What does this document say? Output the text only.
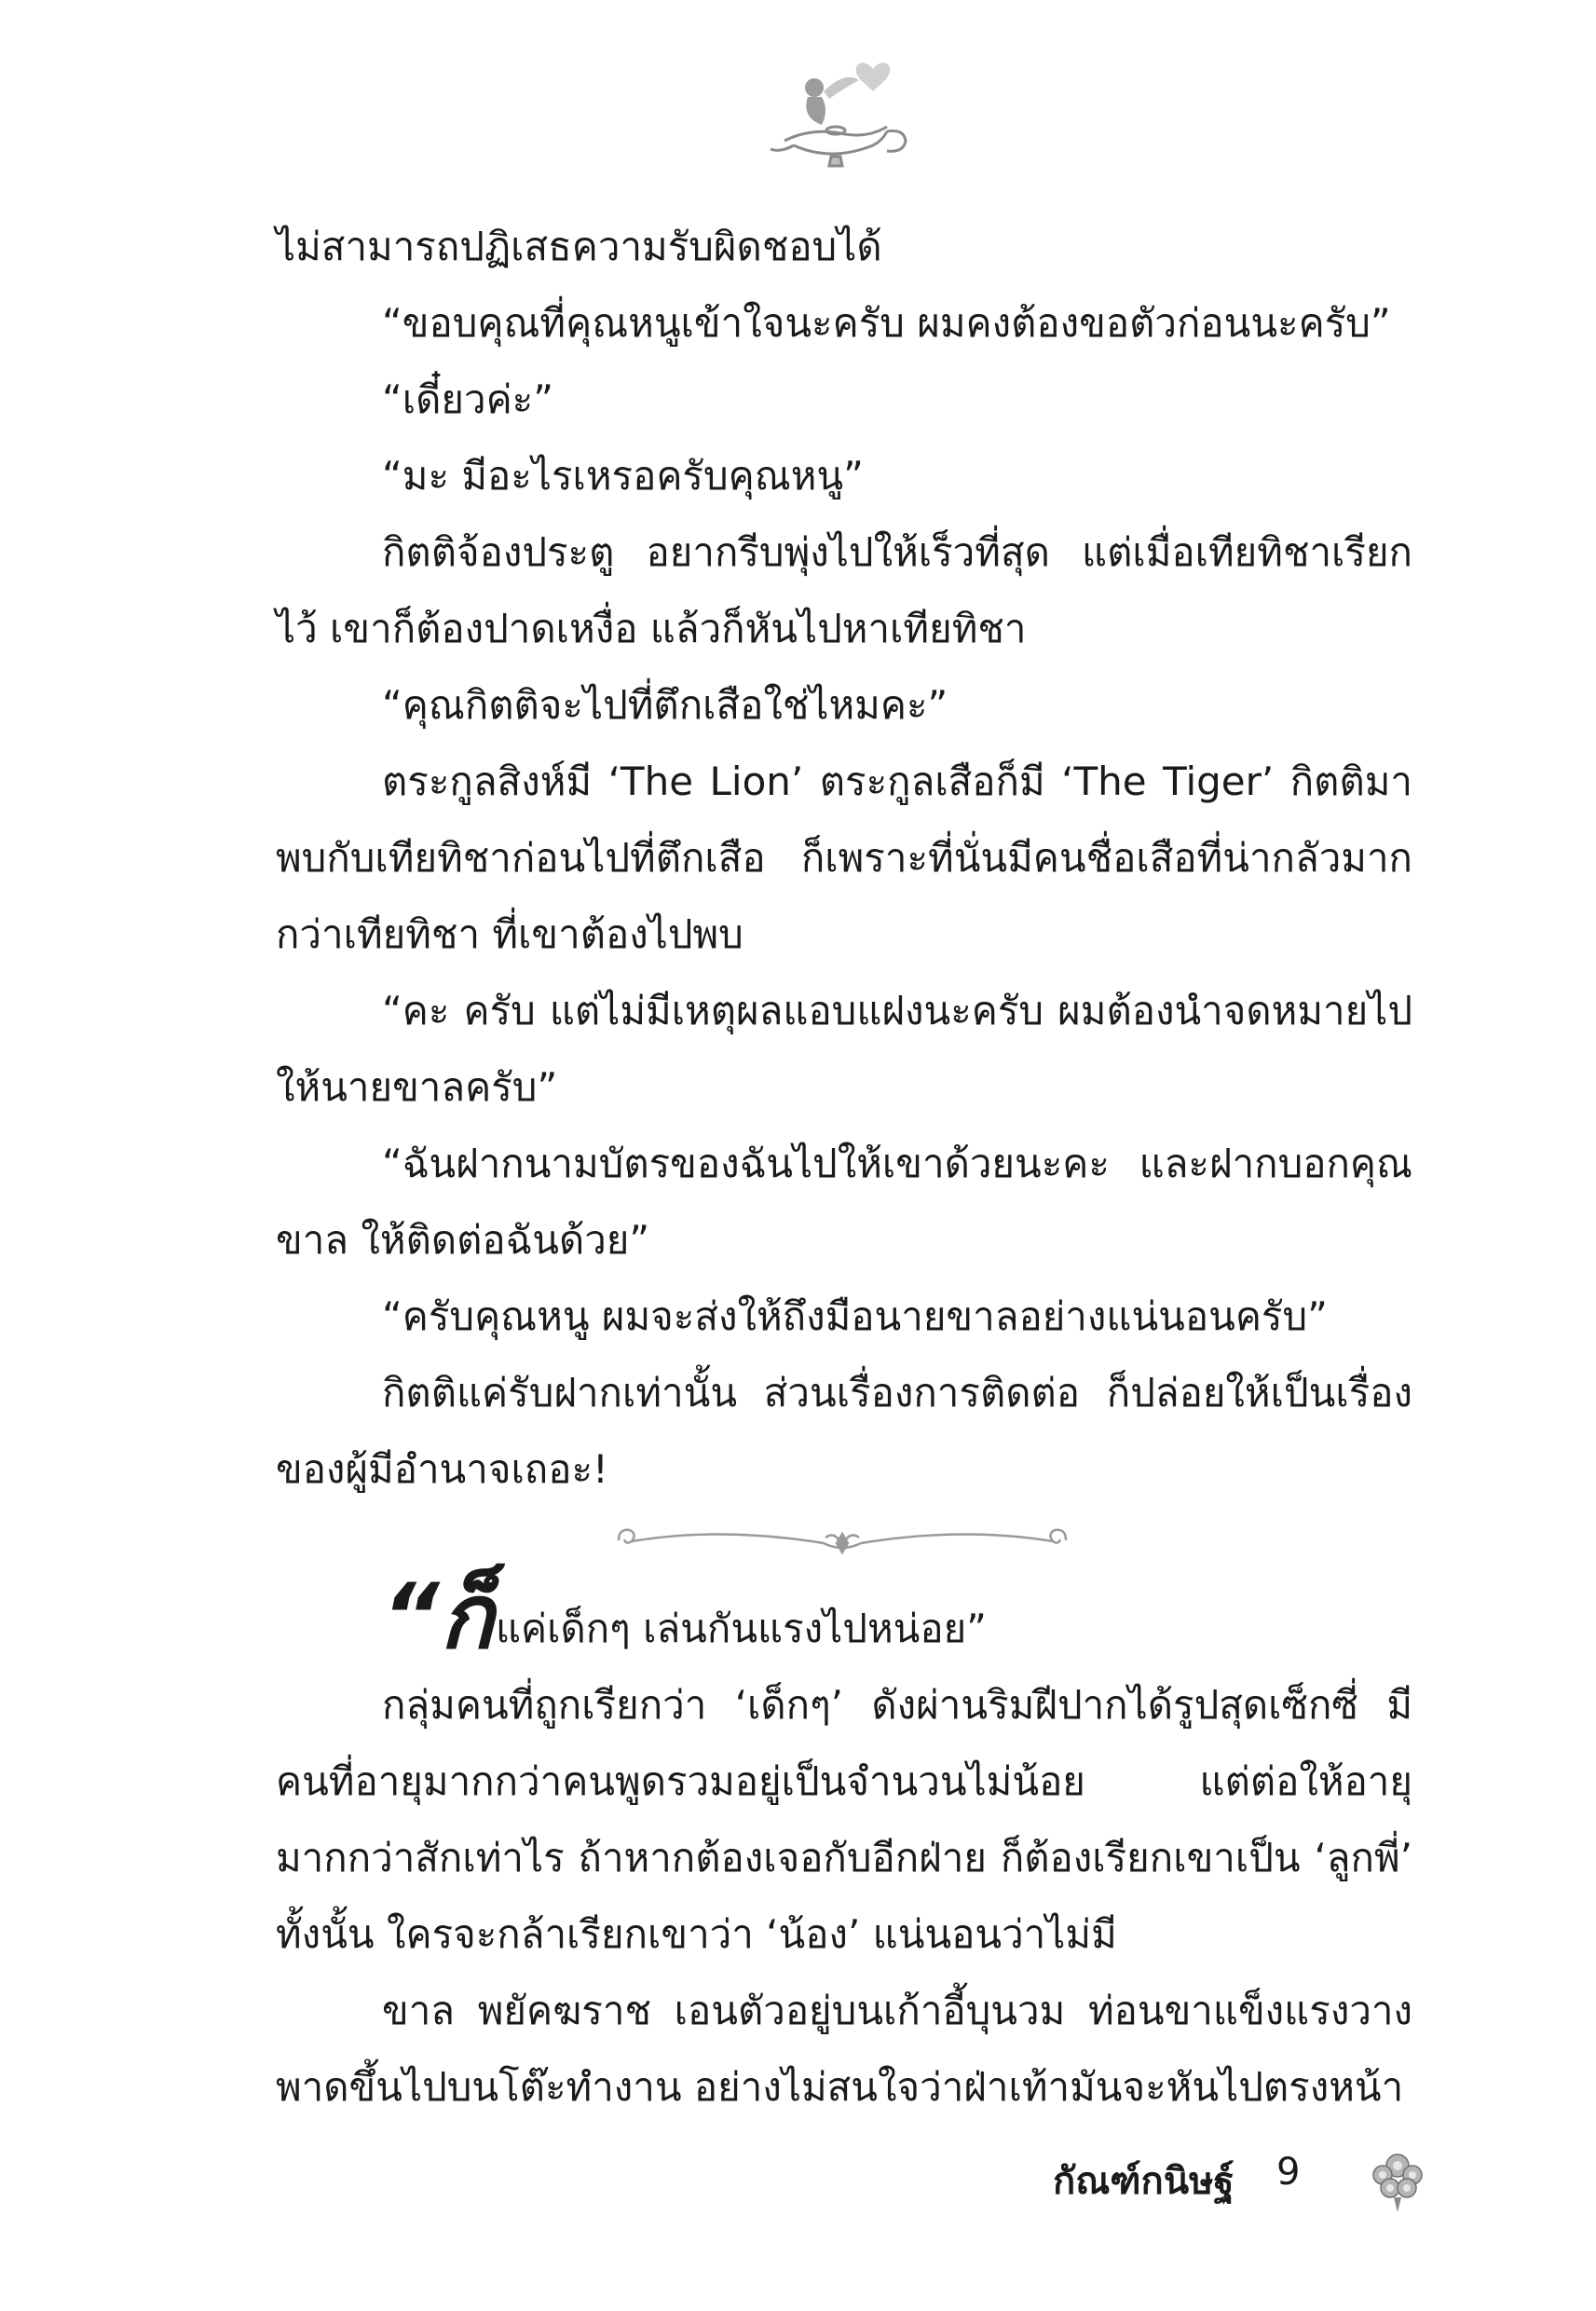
ไม่สามารถปฏิเสธความรับผิดชอบได้

“ขอบคุณที่คุณหนูเข้าใจนะครับ ผมคงต้องขอตัวก่อนนะครับ”

“เดี๋ยวค่ะ”

“มะ มีอะไรเหรอครับคุณหนู”

กิตติจ้องประตู อยากรีบพุ่งไปให้เร็วที่สุด แต่เมื่อเทียทิชาเรียกไว้ เขาก็ต้องปาดเหงื่อ แล้วก็หันไปหาเทียทิชา

“คุณกิตติจะไปที่ตึกเสือใช่ไหมคะ”

ตระกูลสิงห์มี ‘The Lion’ ตระกูลเสือก็มี ‘The Tiger’ กิตติมาพบกับเทียทิชาก่อนไปที่ตึกเสือ ก็เพราะที่นั่นมีคนชื่อเสือที่น่ากลัวมากกว่าเทียทิชา ที่เขาต้องไปพบ

“คะ ครับ แต่ไม่มีเหตุผลแอบแฝงนะครับ ผมต้องนำจดหมายไปให้นายขาลครับ”

“ฉันฝากนามบัตรของฉันไปให้เขาด้วยนะคะ และฝากบอกคุณขาล ให้ติดต่อฉันด้วย”

“ครับคุณหนู ผมจะส่งให้ถึงมือนายขาลอย่างแน่นอนครับ”

กิตติแค่รับฝากเท่านั้น ส่วนเรื่องการติดต่อ ก็ปล่อยให้เป็นเรื่องของผู้มีอำนาจเถอะ!

“ก็แค่เด็กๆ เล่นกันแรงไปหน่อย”

กลุ่มคนที่ถูกเรียกว่า ‘เด็กๆ’ ดังผ่านริมฝีปากได้รูปสุดเซ็กซี่ มีคนที่อายุมากกว่าคนพูดรวมอยู่เป็นจำนวนไม่น้อย แต่ต่อให้อายุมากกว่าสักเท่าไร ถ้าหากต้องเจอกับอีกฝ่าย ก็ต้องเรียกเขาเป็น ‘ลูกพี่’ ทั้งนั้น ใครจะกล้าเรียกเขาว่า ‘น้อง’ แน่นอนว่าไม่มี

ขาล พยัคฆราช เอนตัวอยู่บนเก้าอี้บุนวม ท่อนขาแข็งแรงวางพาดขึ้นไปบนโต๊ะทำงาน อย่างไม่สนใจว่าฝ่าเท้ามันจะหันไปตรงหน้า

กัณฑ์กนิษฐ์ 9
